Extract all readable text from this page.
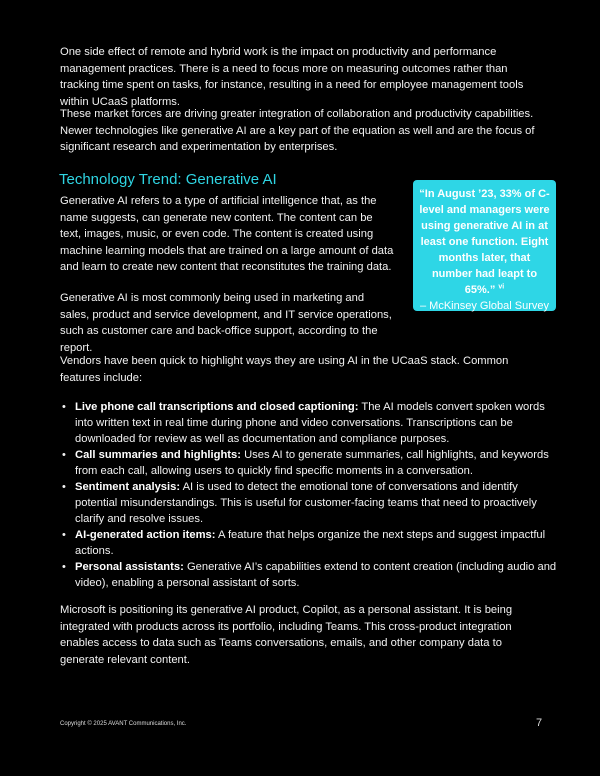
One side effect of remote and hybrid work is the impact on productivity and performance management practices. There is a need to focus more on measuring outcomes rather than tracking time spent on tasks, for instance, resulting in a need for employee management tools within UCaaS platforms.

These market forces are driving greater integration of collaboration and productivity capabilities. Newer technologies like generative AI are a key part of the equation as well and are the focus of significant research and experimentation by enterprises.

Technology Trend: Generative AI

Generative AI refers to a type of artificial intelligence that, as the name suggests, can generate new content. The content can be text, images, music, or even code. The content is created using machine learning models that are trained on a large amount of data and learn to create new content that reconstitutes the training data.

Generative AI is most commonly being used in marketing and sales, product and service development, and IT service operations, such as customer care and back-office support, according to the report.

“In August ’23, 33% of C-level and managers were using generative AI in at least one function. Eight months later, that number had leapt to 65%.” $^{vi}$

– McKinsey Global Survey

Vendors have been quick to highlight ways they are using AI in the UCaaS stack. Common features include:

• Live phone call transcriptions and closed captioning: The AI models convert spoken words into written text in real time during phone and video conversations. Transcriptions can be downloaded for review as well as documentation and compliance purposes.
• Call summaries and highlights: Uses AI to generate summaries, call highlights, and keywords from each call, allowing users to quickly find specific moments in a conversation.
• Sentiment analysis: AI is used to detect the emotional tone of conversations and identify potential misunderstandings. This is useful for customer-facing teams that need to proactively clarify and resolve issues.
• AI-generated action items: A feature that helps organize the next steps and suggest impactful actions.
• Personal assistants: Generative AI’s capabilities extend to content creation (including audio and video), enabling a personal assistant of sorts.

Microsoft is positioning its generative AI product, Copilot, as a personal assistant. It is being integrated with products across its portfolio, including Teams. This cross-product integration enables access to data such as Teams conversations, emails, and other company data to generate relevant content.

Copyright © 2025 AVANT Communications, Inc.	7
